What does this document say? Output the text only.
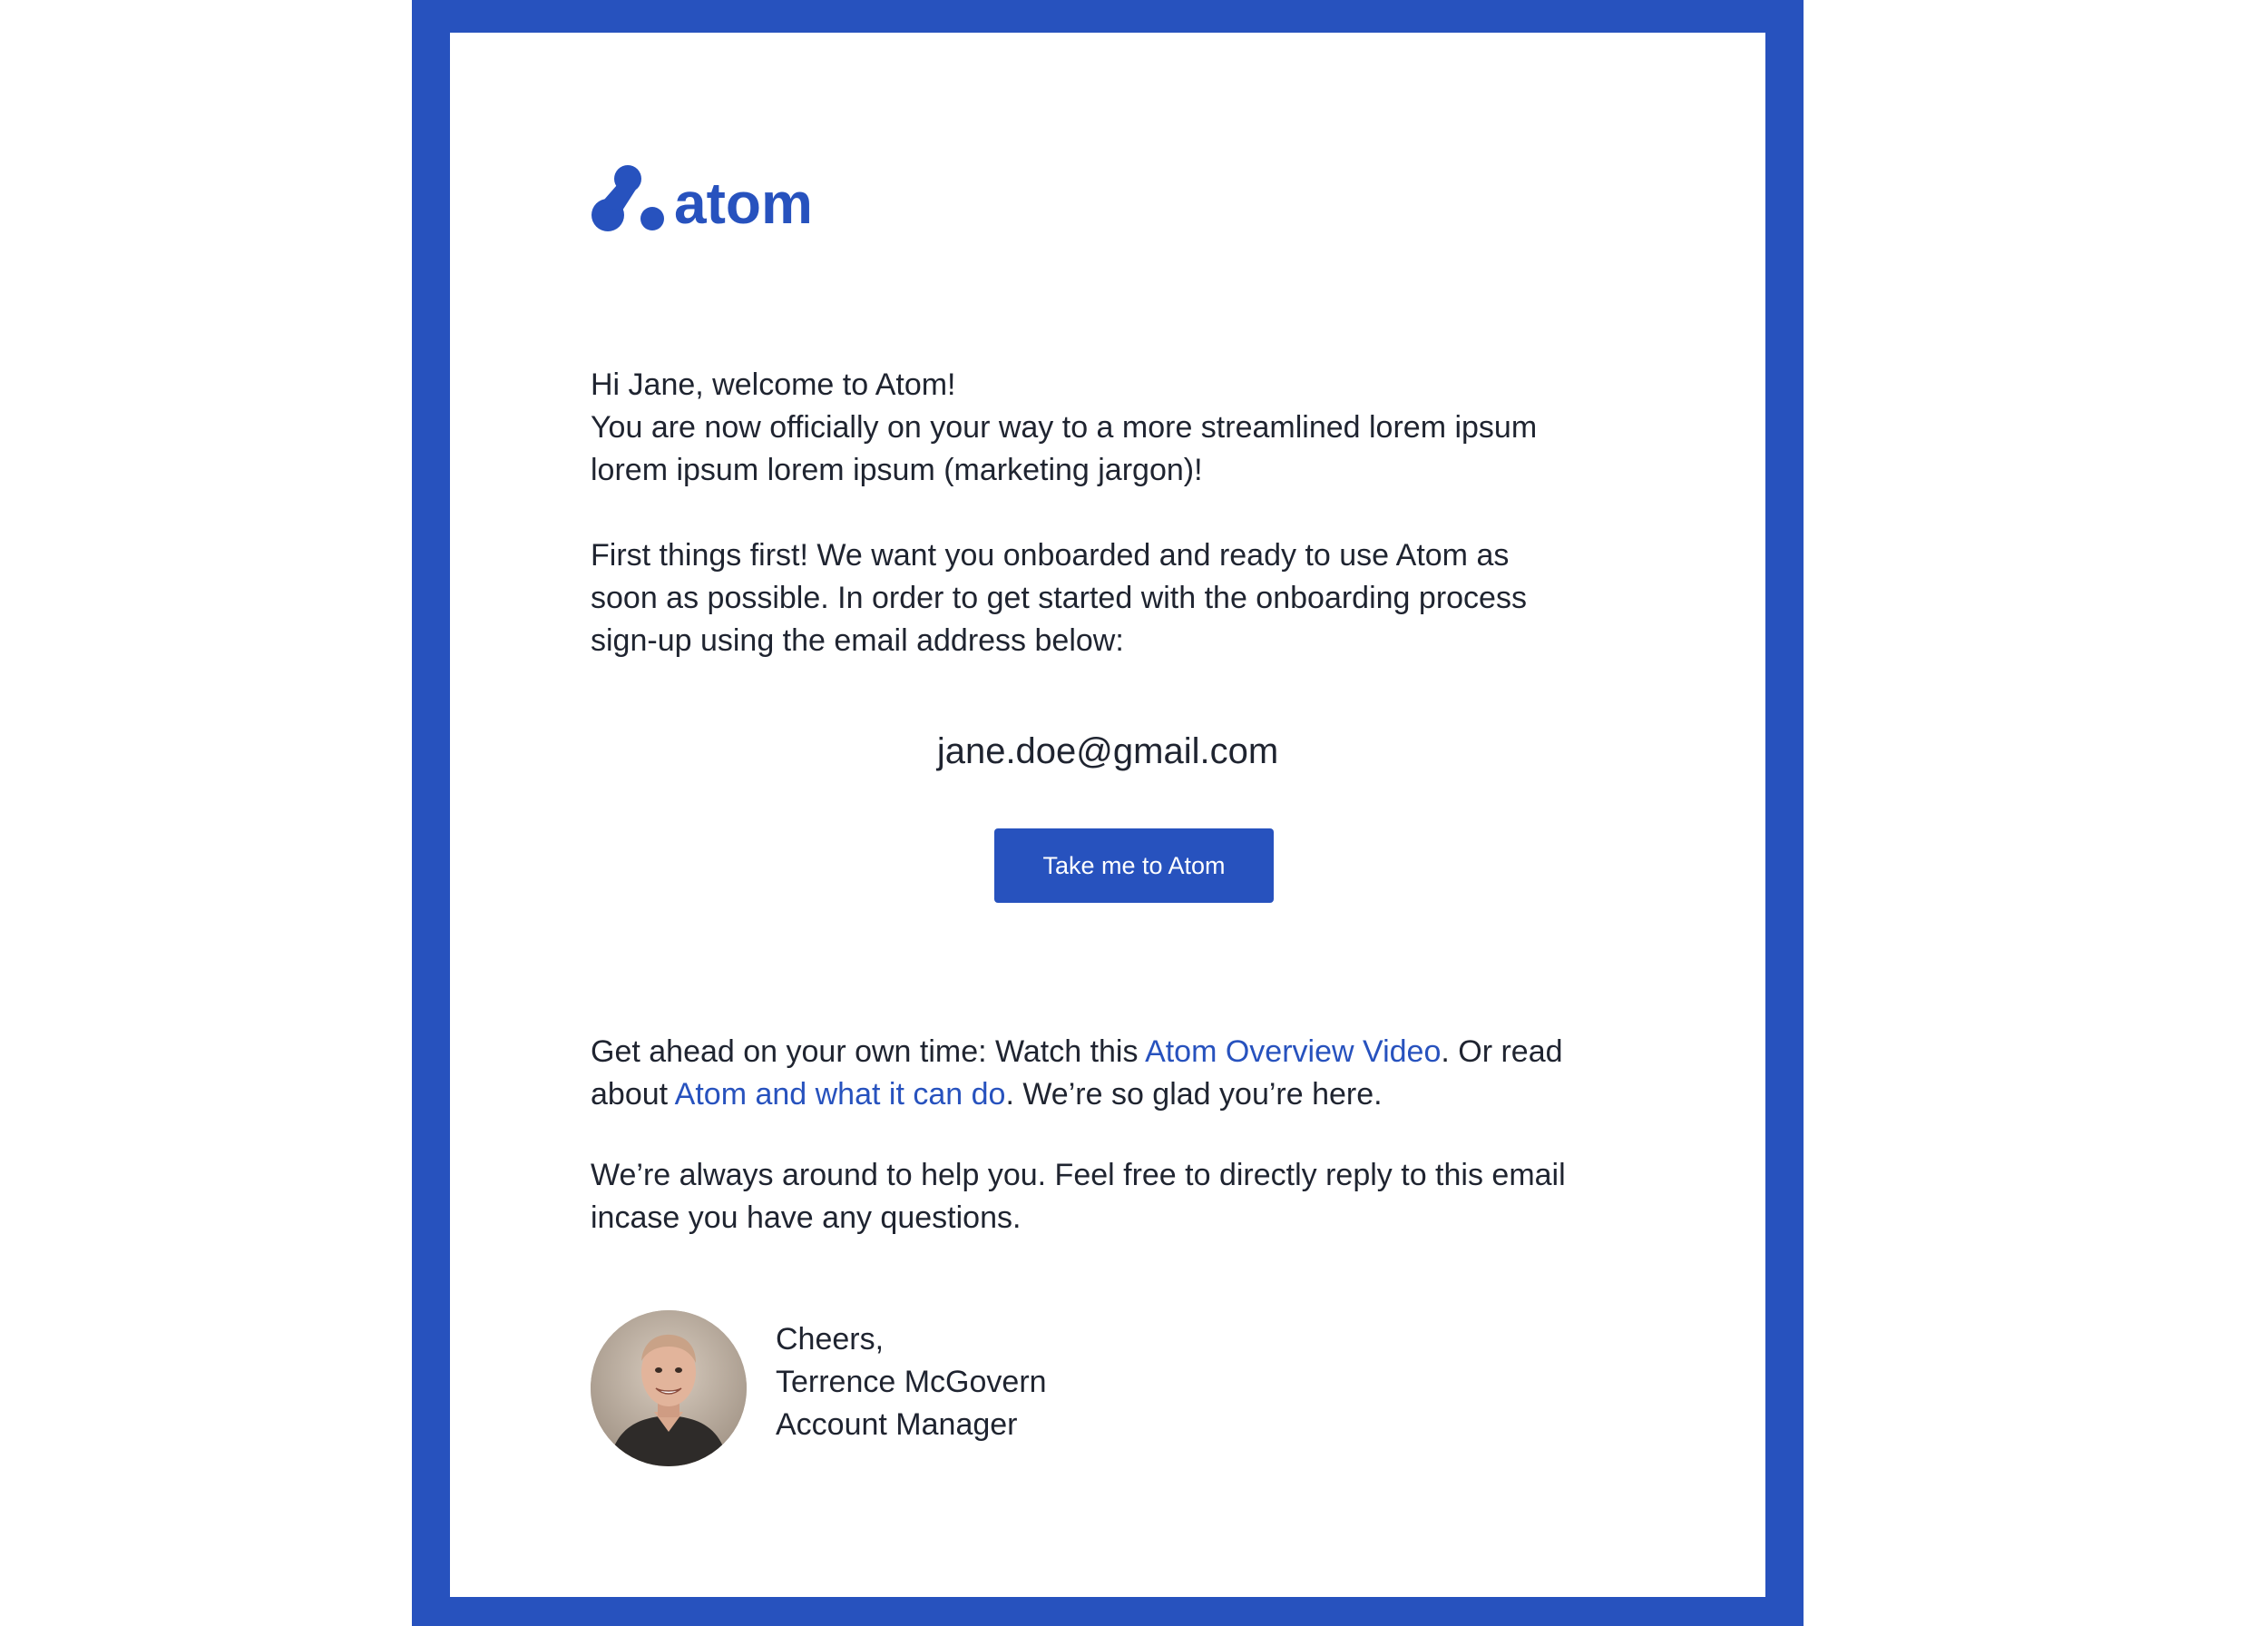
atom

Hi Jane, welcome to Atom!
You are now officially on your way to a more streamlined lorem ipsum
lorem ipsum lorem ipsum (marketing jargon)!

First things first! We want you onboarded and ready to use Atom as
soon as possible. In order to get started with the onboarding process
sign-up using the email address below:

jane.doe@gmail.com
Take me to Atom

Get ahead on your own time: Watch this Atom Overview Video. Or read
about Atom and what it can do. We’re so glad you’re here.

We’re always around to help you. Feel free to directly reply to this email
incase you have any questions.

Cheers,
Terrence McGovern
Account Manager
